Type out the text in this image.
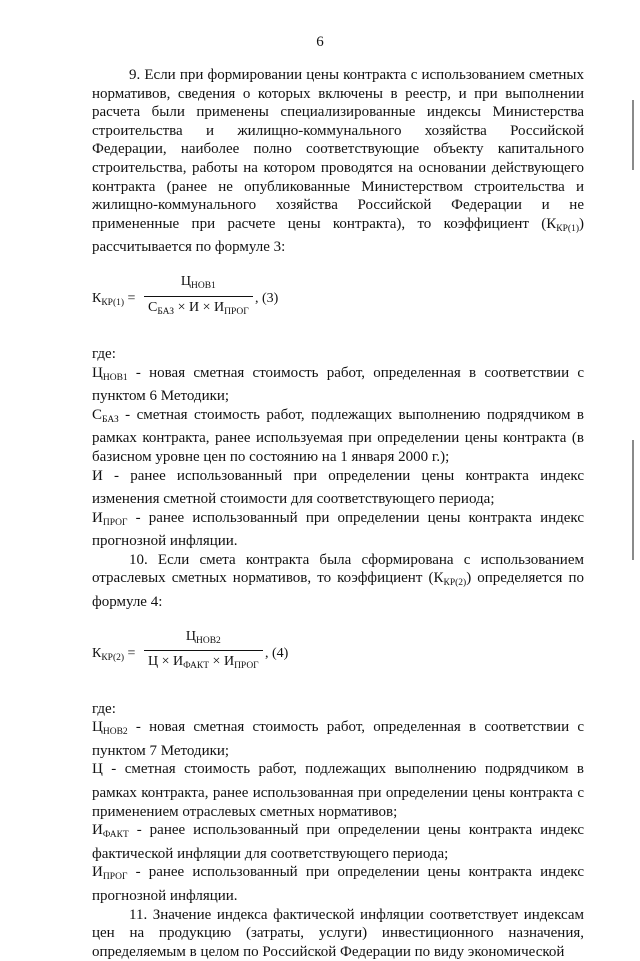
6

9. Если при формировании цены контракта с использованием сметных нормативов, сведения о которых включены в реестр, и при выполнении расчета были применены специализированные индексы Министерства строительства и жилищно-коммунального хозяйства Российской Федерации, наиболее полно соответствующие объекту капитального строительства, работы на котором проводятся на основании действующего контракта (ранее не опубликованные Министерством строительства и жилищно-коммунального хозяйства Российской Федерации и не примененные при расчете цены контракта), то коэффициент $(К_{КР(1)})$ рассчитывается по формуле 3:

$К_{КР(1)}$ =
$Ц_{НОВ1}$
$С_{БАЗ} \times И \times И_{ПРОГ}$
, (3)

где:

$Ц_{НОВ1}$ - новая сметная стоимость работ, определенная в соответствии с пунктом 6 Методики;

$С_{БАЗ}$ - сметная стоимость работ, подлежащих выполнению подрядчиком в рамках контракта, ранее используемая при определении цены контракта (в базисном уровне цен по состоянию на 1 января 2000 г.);

И - ранее использованный при определении цены контракта индекс изменения сметной стоимости для соответствующего периода;

$И_{ПРОГ}$ - ранее использованный при определении цены контракта индекс прогнозной инфляции.

10. Если смета контракта была сформирована с использованием отраслевых сметных нормативов, то коэффициент $(К_{КР(2)})$ определяется по формуле 4:

$К_{КР(2)}$ =
$Ц_{НОВ2}$
$Ц \times И_{ФАКТ} \times И_{ПРОГ}$
, (4)

где:

$Ц_{НОВ2}$ - новая сметная стоимость работ, определенная в соответствии с пунктом 7 Методики;

Ц - сметная стоимость работ, подлежащих выполнению подрядчиком в рамках контракта, ранее использованная при определении цены контракта с применением отраслевых сметных нормативов;

$И_{ФАКТ}$ - ранее использованный при определении цены контракта индекс фактической инфляции для соответствующего периода;

$И_{ПРОГ}$ - ранее использованный при определении цены контракта индекс прогнозной инфляции.

11. Значение индекса фактической инфляции соответствует индексам цен на продукцию (затраты, услуги) инвестиционного назначения, определяемым в целом по Российской Федерации по виду экономической
